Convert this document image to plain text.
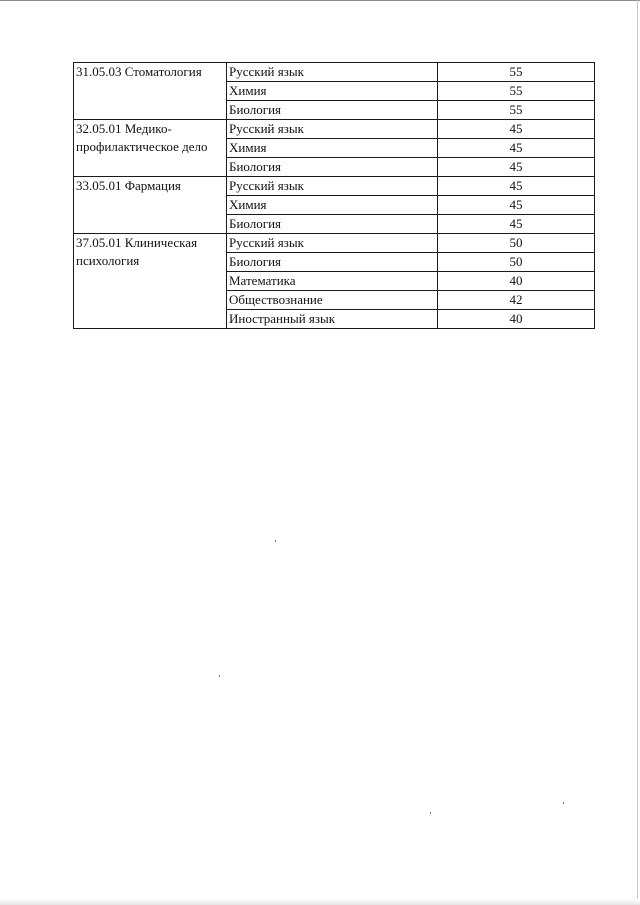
31.05.03 Стоматология	Русский язык	55
	Химия	55
	Биология	55
32.05.01 Медико-профилактическое дело	Русский язык	45
	Химия	45
	Биология	45
33.05.01 Фармация	Русский язык	45
	Химия	45
	Биология	45
37.05.01 Клиническая психология	Русский язык	50
	Биология	50
	Математика	40
	Обществознание	42
	Иностранный язык	40
